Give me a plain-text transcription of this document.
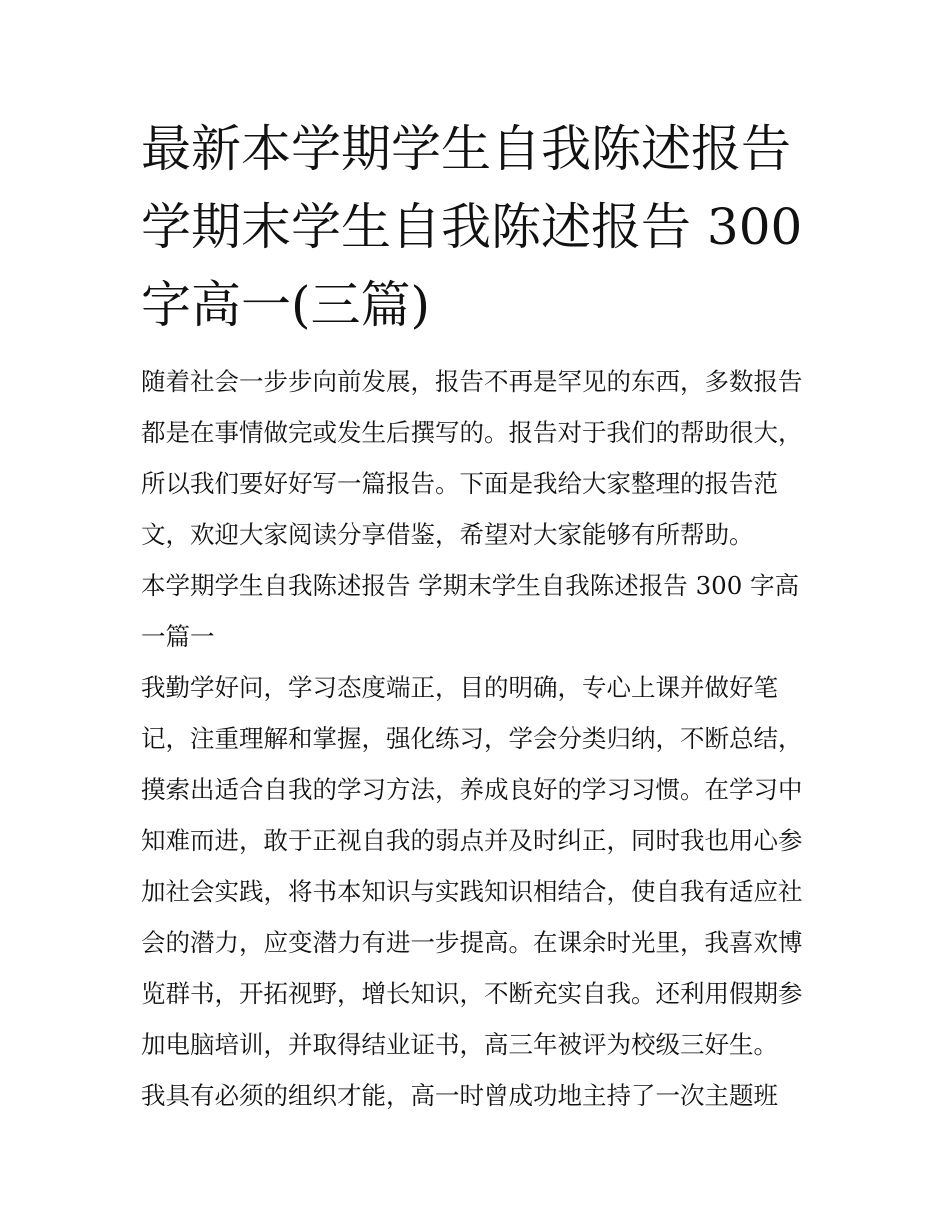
最新本学期学生自我陈述报告
学期末学生自我陈述报告 300
字高一(三篇)

随着社会一步步向前发展，报告不再是罕见的东西，多数报告
都是在事情做完或发生后撰写的。报告对于我们的帮助很大，
所以我们要好好写一篇报告。下面是我给大家整理的报告范
文，欢迎大家阅读分享借鉴，希望对大家能够有所帮助。

本学期学生自我陈述报告 学期末学生自我陈述报告 300 字高
一篇一

我勤学好问，学习态度端正，目的明确，专心上课并做好笔
记，注重理解和掌握，强化练习，学会分类归纳，不断总结，
摸索出适合自我的学习方法，养成良好的学习习惯。在学习中
知难而进，敢于正视自我的弱点并及时纠正，同时我也用心参
加社会实践，将书本知识与实践知识相结合，使自我有适应社
会的潜力，应变潜力有进一步提高。在课余时光里，我喜欢博
览群书，开拓视野，增长知识，不断充实自我。还利用假期参
加电脑培训，并取得结业证书，高三年被评为校级三好生。
我具有必须的组织才能，高一时曾成功地主持了一次主题班
